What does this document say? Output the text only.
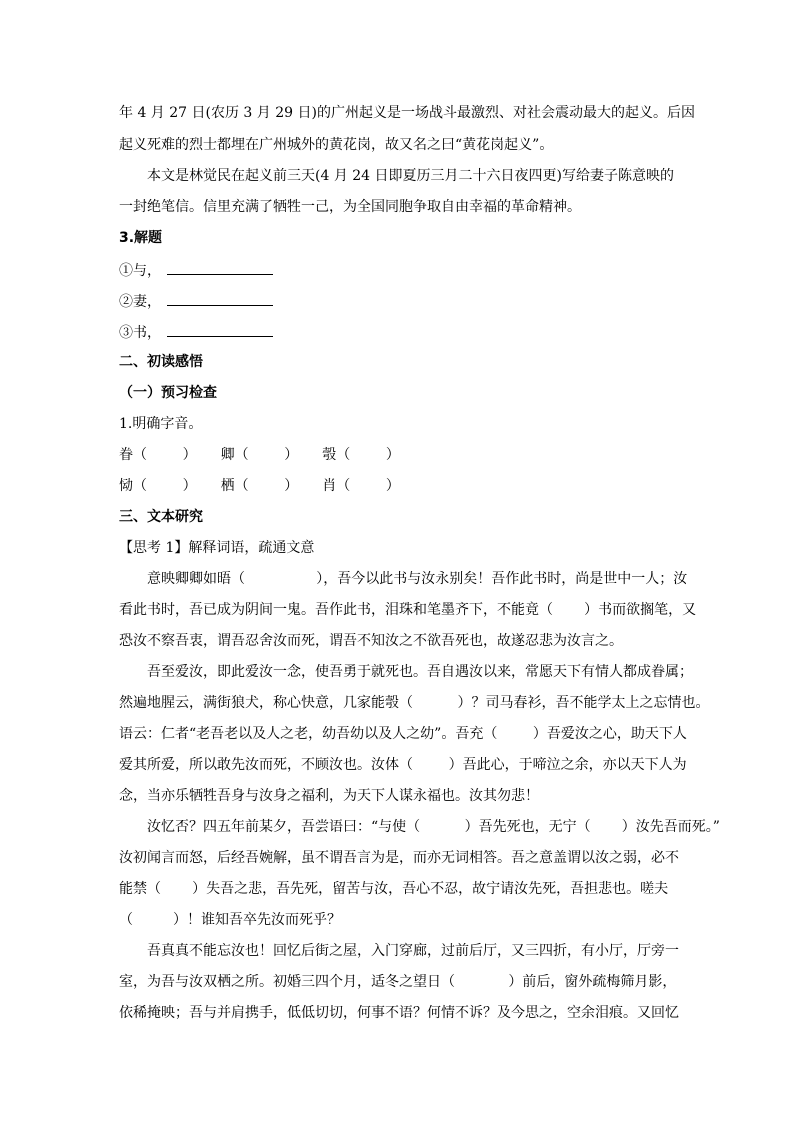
年 4 月 27 日(农历 3 月 29 日)的广州起义是一场战斗最激烈、对社会震动最大的起义。后因
起义死难的烈士都埋在广州城外的黄花岗，故又名之曰“黄花岗起义”。
本文是林觉民在起义前三天(4 月 24 日即夏历三月二十六日夜四更)写给妻子陈意映的
一封绝笔信。信里充满了牺牲一己，为全国同胞争取自由幸福的革命精神。
3.解题
①与，
②妻，
③书，
二、初读感悟
（一）预习检查
1.明确字音。
眷（        ） 卿（        ） 彀（        ）
恸（        ） 栖（        ） 肖（        ）
三、文本研究
【思考 1】解释词语，疏通文意
意映卿卿如晤（                ），吾今以此书与汝永别矣！吾作此书时，尚是世中一人；汝
看此书时，吾已成为阴间一鬼。吾作此书，泪珠和笔墨齐下，不能竟（       ）书而欲搁笔，又
恐汝不察吾衷，谓吾忍舍汝而死，谓吾不知汝之不欲吾死也，故遂忍悲为汝言之。
吾至爱汝，即此爱汝一念，使吾勇于就死也。吾自遇汝以来，常愿天下有情人都成眷属；
然遍地腥云，满街狼犬，称心快意，几家能彀（          ）？司马春衫，吾不能学太上之忘情也。
语云：仁者“老吾老以及人之老，幼吾幼以及人之幼”。吾充（        ）吾爱汝之心，助天下人
爱其所爱，所以敢先汝而死，不顾汝也。汝体（        ）吾此心，于啼泣之余，亦以天下人为
念，当亦乐牺牲吾身与汝身之福利，为天下人谋永福也。汝其勿悲！
汝忆否？四五年前某夕，吾尝语曰：“与使（          ）吾先死也，无宁（       ）汝先吾而死。”
汝初闻言而怒，后经吾婉解，虽不谓吾言为是，而亦无词相答。吾之意盖谓以汝之弱，必不
能禁（       ）失吾之悲，吾先死，留苦与汝，吾心不忍，故宁请汝先死，吾担悲也。嗟夫
（         ）！谁知吾卒先汝而死乎？
吾真真不能忘汝也！回忆后街之屋，入门穿廊，过前后厅，又三四折，有小厅，厅旁一
室，为吾与汝双栖之所。初婚三四个月，适冬之望日（            ）前后，窗外疏梅筛月影，
依稀掩映；吾与并肩携手，低低切切，何事不语？何情不诉？及今思之，空余泪痕。又回忆
